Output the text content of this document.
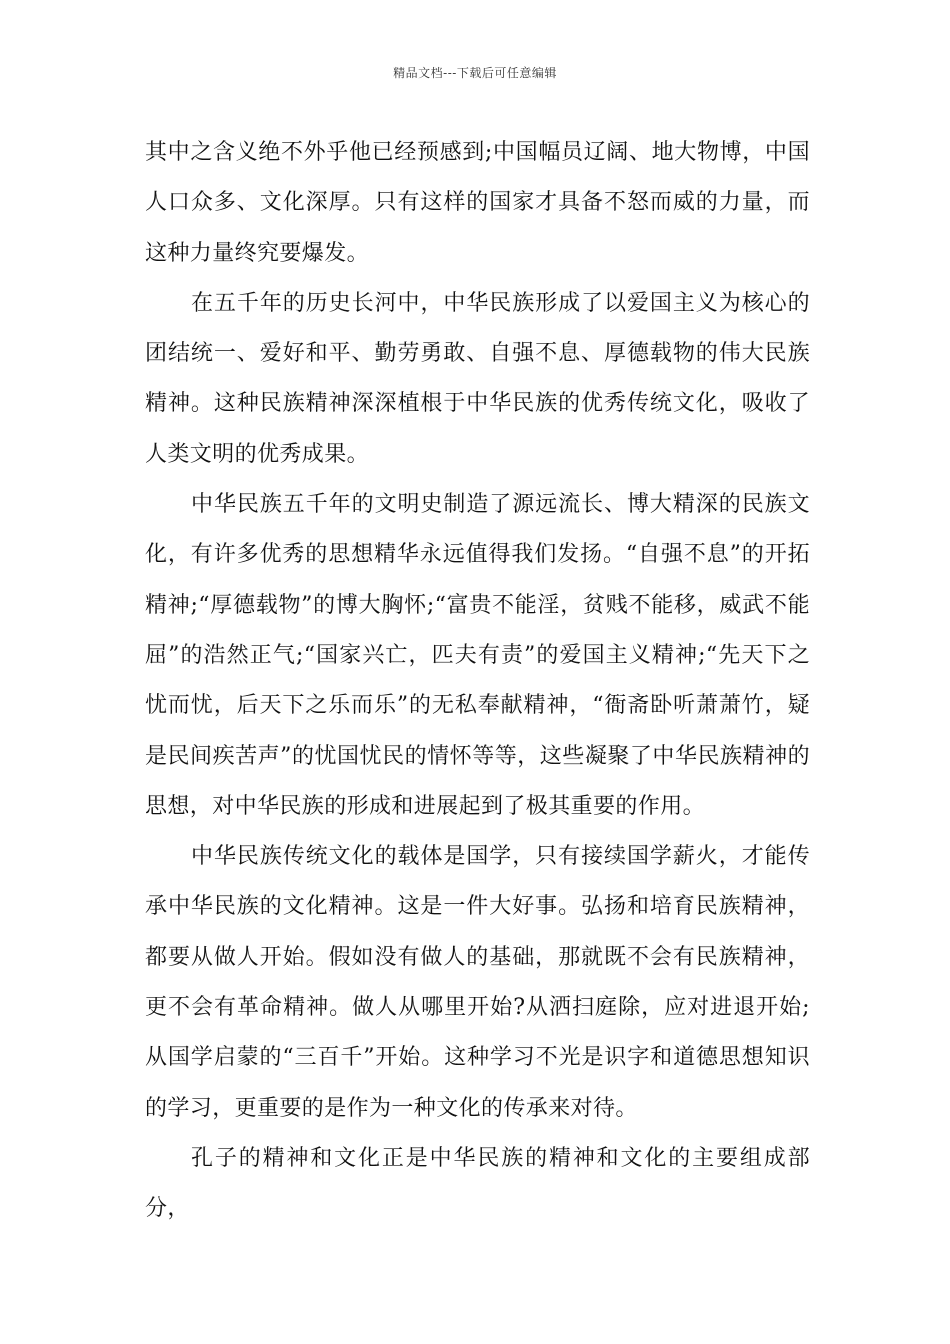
精品文档---下载后可任意编辑

其中之含义绝不外乎他已经预感到;中国幅员辽阔、地大物博，中国人口众多、文化深厚。只有这样的国家才具备不怒而威的力量，而这种力量终究要爆发。

在五千年的历史长河中，中华民族形成了以爱国主义为核心的团结统一、爱好和平、勤劳勇敢、自强不息、厚德载物的伟大民族精神。这种民族精神深深植根于中华民族的优秀传统文化，吸收了人类文明的优秀成果。

中华民族五千年的文明史制造了源远流长、博大精深的民族文化，有许多优秀的思想精华永远值得我们发扬。“自强不息”的开拓精神;“厚德载物”的博大胸怀;“富贵不能淫，贫贱不能移，威武不能屈”的浩然正气;“国家兴亡，匹夫有责”的爱国主义精神;“先天下之忧而忧，后天下之乐而乐”的无私奉献精神，“衙斋卧听萧萧竹，疑是民间疾苦声”的忧国忧民的情怀等等，这些凝聚了中华民族精神的思想，对中华民族的形成和进展起到了极其重要的作用。

中华民族传统文化的载体是国学，只有接续国学薪火，才能传承中华民族的文化精神。这是一件大好事。弘扬和培育民族精神，都要从做人开始。假如没有做人的基础，那就既不会有民族精神，更不会有革命精神。做人从哪里开始?从洒扫庭除，应对进退开始;从国学启蒙的“三百千”开始。这种学习不光是识字和道德思想知识的学习，更重要的是作为一种文化的传承来对待。

孔子的精神和文化正是中华民族的精神和文化的主要组成部分，
